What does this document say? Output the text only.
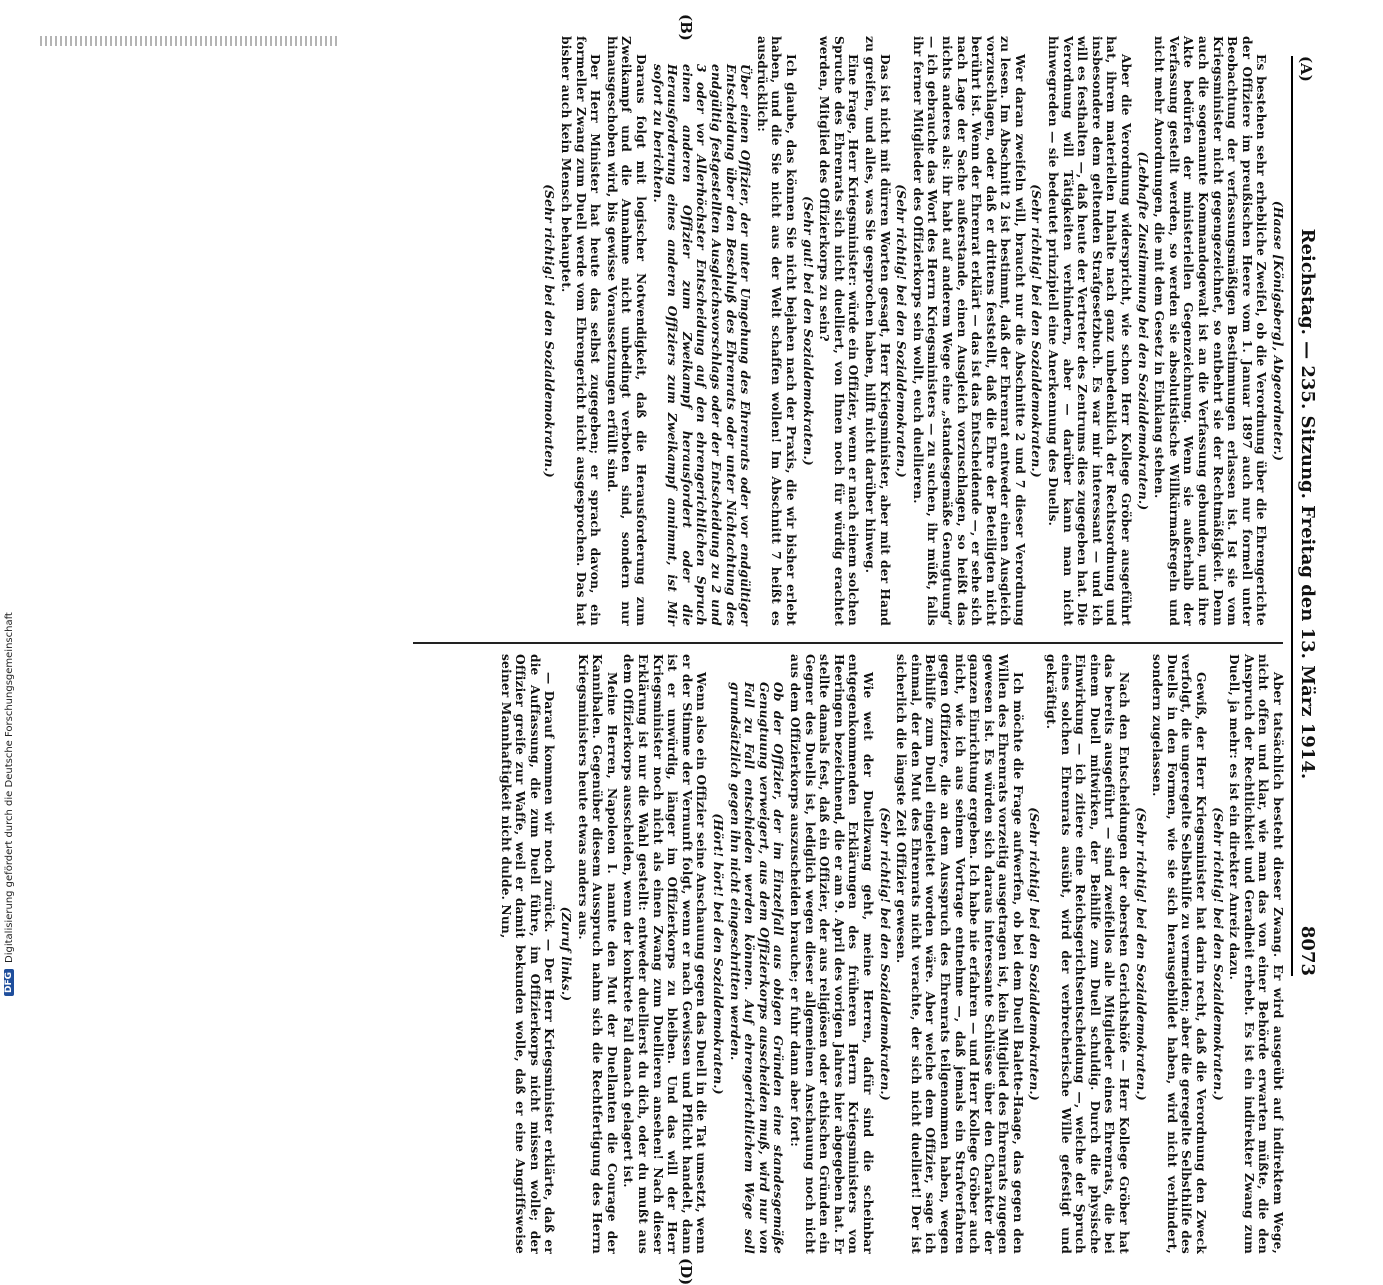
DFG
Digitalisierung gefördert durch die Deutsche Forschungsgemeinschaft
(A)
Reichstag. — 235. Sitzung. Freitag den 13. März 1914.
8073
(B)
(D)

(Haase [Königsberg], Abgeordneter.)

Es bestehen sehr erhebliche Zweifel, ob die Verordnung über die Ehrengerichte der Offiziere im preußischen Heere vom 1. Januar 1897 auch nur formell unter Beobachtung der verfassungsmäßigen Bestimmungen erlassen ist. Ist sie vom Kriegsminister nicht gegengezeichnet, so entbehrt sie der Rechtmäßigkeit. Denn auch die sogenannte Kommandogewalt ist an die Verfassung gebunden, und ihre Akte bedürfen der ministeriellen Gegenzeichnung. Wenn sie außerhalb der Verfassung gestellt werden, so werden sie absolutistische Willkürmaßregeln und nicht mehr Anordnungen, die mit dem Gesetz in Einklang stehen.

(Lebhafte Zustimmung bei den Sozialdemokraten.)

Aber die Verordnung widerspricht, wie schon Herr Kollege Gröber ausgeführt hat, ihrem materiellen Inhalte nach ganz unbedenklich der Rechtsordnung und insbesondere dem geltenden Strafgesetzbuch. Es war mir interessant — und ich will es festhalten —, daß heute der Vertreter des Zentrums dies zugegeben hat. Die Verordnung will Tätigkeiten verhindern, aber — darüber kann man nicht hinwegreden — sie bedeutet prinzipiell eine Anerkennung des Duells.

(Sehr richtig! bei den Sozialdemokraten.)

Wer daran zweifeln will, braucht nur die Abschnitte 2 und 7 dieser Verordnung zu lesen. Im Abschnitt 2 ist bestimmt, daß der Ehrenrat entweder einen Ausgleich vorzuschlagen, oder daß er drittens feststellt, daß die Ehre der Beteiligten nicht berührt ist. Wenn der Ehrenrat erklärt — das ist das Entscheidende —, er sehe sich nach Lage der Sache außerstande, einen Ausgleich vorzuschlagen, so heißt das nichts anderes als: ihr habt auf anderem Wege eine „standesgemäße Genugtuung“ — ich gebrauche das Wort des Herrn Kriegsministers — zu suchen, ihr müßt, falls ihr ferner Mitglieder des Offizierkorps sein wollt, euch duellieren.

(Sehr richtig! bei den Sozialdemokraten.)

Das ist nicht mit dürren Worten gesagt, Herr Kriegsminister, aber mit der Hand zu greifen, und alles, was Sie gesprochen haben, hilft nicht darüber hinweg.

Eine Frage, Herr Kriegsminister: würde ein Offizier, wenn er nach einem solchen Spruche des Ehrenrats sich nicht duelliert, von Ihnen noch für würdig erachtet werden, Mitglied des Offizierkorps zu sein?

(Sehr gut! bei den Sozialdemokraten.)

Ich glaube, das können Sie nicht bejahen nach der Praxis, die wir bisher erlebt haben, und die Sie nicht aus der Welt schaffen wollen! Im Abschnitt 7 heißt es ausdrücklich:

Über einen Offizier, der unter Umgehung des Ehrenrats oder vor endgültiger Entscheidung über den Beschluß des Ehrenrats oder unter Nichtachtung des endgültig festgestellten Ausgleichsvorschlags oder der Entscheidung zu 2 und 3 oder vor Allerhöchster Entscheidung auf den ehrengerichtlichen Spruch einen anderen Offizier zum Zweikampf herausfordert oder die Herausforderung eines anderen Offiziers zum Zweikampf annimmt, ist Mir sofort zu berichten.

Daraus folgt mit logischer Notwendigkeit, daß die Herausforderung zum Zweikampf und die Annahme nicht unbedingt verboten sind, sondern nur hinausgeschoben wird, bis gewisse Voraussetzungen erfüllt sind.

Der Herr Minister hat heute das selbst zugegeben; er sprach davon, ein formeller Zwang zum Duell werde vom Ehrengericht nicht ausgesprochen. Das hat bisher auch kein Mensch behauptet.

(Sehr richtig! bei den Sozialdemokraten.)

Aber tatsächlich besteht dieser Zwang. Er wird ausgeübt auf indirektem Wege, nicht offen und klar, wie man das von einer Behörde erwarten müßte, die den Anspruch der Rechtlichkeit und Geradheit erhebt. Es ist ein indirekter Zwang zum Duell, ja mehr: es ist ein direkter Anreiz dazu.

(Sehr richtig! bei den Sozialdemokraten.)

Gewiß, der Herr Kriegsminister hat darin recht, daß die Verordnung den Zweck verfolgt, die ungeregelte Selbsthilfe zu vermeiden; aber die geregelte Selbsthilfe des Duells in den Formen, wie sie sich herausgebildet haben, wird nicht verhindert, sondern zugelassen.

(Sehr richtig! bei den Sozialdemokraten.)

Nach den Entscheidungen der obersten Gerichtshöfe — Herr Kollege Gröber hat das bereits ausgeführt — sind zweifellos alle Mitglieder eines Ehrenrats, die bei einem Duell mitwirken, der Beihilfe zum Duell schuldig. Durch die physische Einwirkung — ich zitiere eine Reichsgerichtsentscheidung —, welche der Spruch eines solchen Ehrenrats ausübt, wird der verbrecherische Wille gefestigt und gekräftigt.

(Sehr richtig! bei den Sozialdemokraten.)

Ich möchte die Frage aufwerfen, ob bei dem Duell Balette-Haage, das gegen den Willen des Ehrenrats vorzeitig ausgetragen ist, kein Mitglied des Ehrenrats zugegen gewesen ist. Es würden sich daraus interessante Schlüsse über den Charakter der ganzen Einrichtung ergeben. Ich habe nie erfahren — und Herr Kollege Gröber auch nicht, wie ich aus seinem Vortrage entnehme —, daß jemals ein Strafverfahren gegen Offiziere, die an dem Ausspruch des Ehrenrats teilgenommen haben, wegen Beihilfe zum Duell eingeleitet worden wäre. Aber welche dem Offizier, sage ich einmal, der den Mut des Ehrenrats nicht verachte, der sich nicht duelliert! Der ist sicherlich die längste Zeit Offizier gewesen.

(Sehr richtig! bei den Sozialdemokraten.)

Wie weit der Duellzwang geht, meine Herren, dafür sind die scheinbar entgegenkommenden Erklärungen des früheren Herrn Kriegsministers von Heeringen bezeichnend, die er am 9. April des vorigen Jahres hier abgegeben hat. Er stellte damals fest, daß ein Offizier, der aus religiösen oder ethischen Gründen ein Gegner des Duells ist, lediglich wegen dieser allgemeinen Anschauung noch nicht aus dem Offizierkorps auszuscheiden brauche; er fuhr dann aber fort:

Ob der Offizier, der im Einzelfall aus obigen Gründen eine standesgemäße Genugtuung verweigert, aus dem Offizierkorps ausscheiden muß, wird nur von Fall zu Fall entschieden werden können. Auf ehrengerichtlichem Wege soll grundsätzlich gegen ihn nicht eingeschritten werden.

(Hört! hört! bei den Sozialdemokraten.)

Wenn also ein Offizier seine Anschauung gegen das Duell in die Tat umsetzt, wenn er der Stimme der Vernunft folgt, wenn er nach Gewissen und Pflicht handelt, dann ist er unwürdig, länger im Offizierkorps zu bleiben. Und das will der Herr Kriegsminister noch nicht als einen Zwang zum Duellieren ansehen! Nach dieser Erklärung ist nur die Wahl gestellt: entweder duellierst du dich, oder du mußt aus dem Offizierkorps ausscheiden, wenn der konkrete Fall danach gelagert ist.

Meine Herren, Napoleon I. nannte den Mut der Duellanten die Courage der Kannibalen. Gegenüber diesem Ausspruch nahm sich die Rechtfertigung des Herrn Kriegsministers heute etwas anders aus.

(Zuruf links.)

— Darauf kommen wir noch zurück. — Der Herr Kriegsminister erklärte, daß er die Auffassung, die zum Duell führe, im Offizierkorps nicht missen wolle; der Offizier greife zur Waffe, weil er damit bekunden wolle, daß er eine Angriffsweise seiner Mannhaftigkeit nicht dulde. Nun,
